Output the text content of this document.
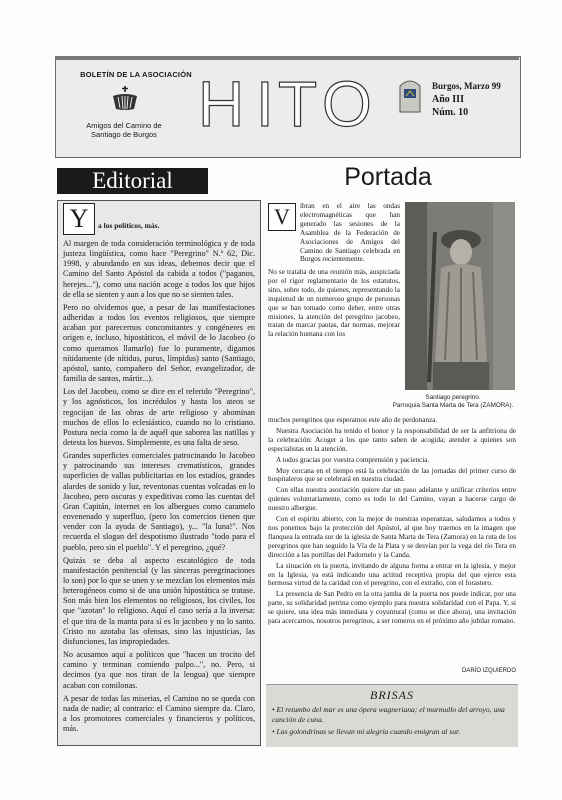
BOLETÍN DE LA ASOCIACIÓN
Amigos del Camino de
Santiago de Burgos H I T O	Burgos, Marzo 99
Año III
Núm. 10
Editorial
Y	a los políticos, más.

Al margen de toda consideración terminológica y de toda justeza lingüística, como hace "Peregrino" N.º 62, Dic. 1998, y abundando en sus ideas, debemos decir que el Camino del Santo Apóstol da cabida a todos ("paganos, herejes..."), como una nación acoge a todos los que hijos de ella se sienten y aun a los que no se sienten tales.

Pero no olvidemos que, a pesar de las manifestaciones adheridas a todos los eventos religiosos, que siempre acaban por parecernos concomitantes y congéneres en origen e, incluso, hipostáticos, el móvil de lo Jacobeo (o como queramos llamarlo) fue lo puramente, digamos nítidamente (de nítidus, purus, límpidus) santo (Santiago, apóstol, santo, compañero del Señor, evangelizador, de familia de santos, mártir...).

Los del Jacobeo, como se dice en el referido "Peregrino", y los agnósticos, los incrédulos y hasta los ateos se regocijan de las obras de arte religioso y abominan muchos de ellos lo eclesiástico, cuando no lo cristiano. Postura necia como la de aquél que saborea las natillas y detesta los huevos. Simplemente, es una falta de seso.

Grandes superficies comerciales patrocinando lo Jacobeo y patrocinando sus intereses crematísticos, grandes superficies de vallas publicitarias en los estadios, grandes alardes de sonido y luz, reventonas cuentas volcadas en lo Jacobeo, pero oscuras y expeditivas como las cuentas del Gran Capitán, internet en los albergues como caramelo envenenado y superfluo, (pero los comercios tienen que vender con la ayuda de Santiago), y... "la luna!". Nos recuerda el slogan del despotismo ilustrado "todo para el pueblo, pero sin el pueblo". Y el peregrino, ¿qué?

Quizás se deba al aspecto escatológico de toda manifestación penitencial (y las sinceras peregrinaciones lo son) por lo que se unen y se mezclan los elementos más heterogéneos como si de una unión hipostática se tratase. Son más bien los elementos no religiosos, los civiles, los que "azotan" lo religioso. Aquí el caso sería a la inversa: el que tira de la manta para sí es lo jacobeo y no lo santo. Cristo no azotaba las ofensas, sino las injusticias, las disfunciones, las impropiedades.

No acusamos aquí a políticos que "hacen un trocito del camino y terminan comiendo pulpo...", no. Pero, si decimos (ya que nos tiran de la lengua) que siempre acaban con comilonas.

A pesar de todas las miserias, el Camino no se queda con nada de nadie; al contrario: el Camino siempre da. Claro, a los promotores comerciales y financieros y políticos, más.

Portada
V	ibran en el aire las ondas electromagnéticas que han generado las sesiones de la Asamblea de la Federación de Asociaciones de Amigos del Camino de Santiago celebrada en Burgos recientemente.

No se trataba de una reunión más, auspiciada por el rigor reglamentario de los estatutos, sino, sobre todo, de quienes, representando la inquietud de un numeroso grupo de personas que se han tomado como deber, entre otras misiones, la atención del peregrino jacobeo, tratan de marcar pautas, dar normas, mejorar la relación humana con los

Santiago peregrino.
Parroquia Santa Marta de Tera (ZAMORA).

muchos peregrinos que esperamos este año de perdonanza.

Nuestra Asociación ha tenido el honor y la responsabilidad de ser la anfitriona de la celebración: Acoger a los que tanto saben de acogida; atender a quienes son especialistas en la atención.

A todos gracias por vuestra comprensión y paciencia.

Muy cercana en el tiempo está la celebración de las jornadas del primer curso de hospitaleros que se celebrará en nuestra ciudad.

Con ellas nuestra asociación quiere dar un paso adelante y unificar criterios entre quienes voluntariamente, como es todo lo del Camino, vayan a hacerse cargo de nuestro albergue.

Con el espíritu abierto, con la mejor de nuestras esperanzas, saludamos a todos y nos ponemos bajo la protección del Apóstol, al que hoy traemos en la imagen que flanquea la entrada sur de la iglesia de Santa Marta de Tera (Zamora) en la ruta de los peregrinos que han seguido la Vía de la Plata y se desvían por la vega del río Tera en dirección a las portillas del Padornelo y la Canda.

La situación en la puerta, invitando de alguna forma a entrar en la iglesia, y mejor en la Iglesia, ya está indicando una actitud receptiva propia del que ejerce esta hermosa virtud de la caridad con el peregrino, con el extraño, con el forastero.

La presencia de San Pedro en la otra jamba de la puerta nos puede indicar, por una parte, su solidaridad petrina como ejemplo para nuestra solidaridad con el Papa. Y, si se quiere, una idea más inmediata y coyuntural (como se dice ahora), una invitación para acercarnos, nosotros peregrinos, a ser romeros en el próximo año jubilar romano.

DARÍO IZQUIERDO
BRISAS
• El retumbo del mar es una ópera wagneriana; el murmullo del arroyo, una canción de cuna.
• Las golondrinas se llevan mi alegría cuando emigran al sur.
